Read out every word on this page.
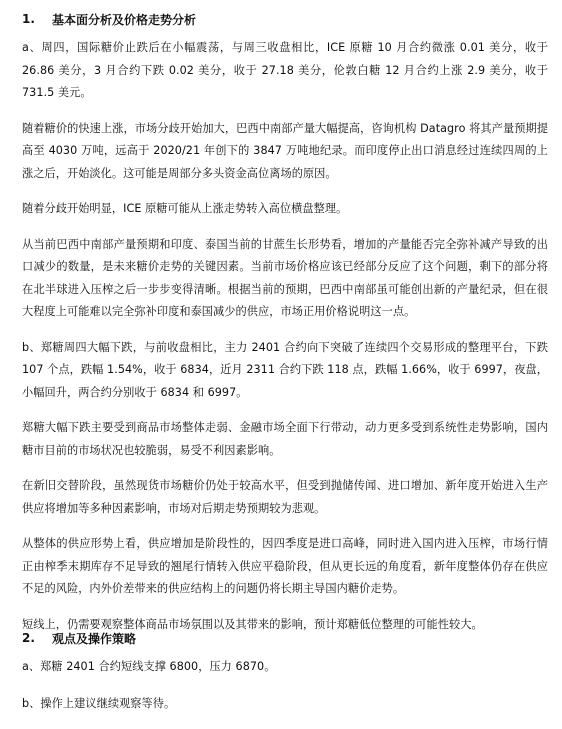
1.	基本面分析及价格走势分析

a、周四，国际糖价止跌后在小幅震荡，与周三收盘相比，ICE 原糖 10 月合约微涨 0.01 美分，收于 26.86 美分，3 月合约下跌 0.02 美分，收于 27.18 美分，伦敦白糖 12 月合约上涨 2.9 美分，收于 731.5 美元。

随着糖价的快速上涨，市场分歧开始加大，巴西中南部产量大幅提高，咨询机构 Datagro 将其产量预期提高至 4030 万吨，远高于 2020/21 年创下的 3847 万吨地纪录。而印度停止出口消息经过连续四周的上涨之后，开始淡化。这可能是周部分多头资金高位离场的原因。

随着分歧开始明显，ICE 原糖可能从上涨走势转入高位横盘整理。

从当前巴西中南部产量预期和印度、泰国当前的甘蔗生长形势看，增加的产量能否完全弥补减产导致的出口减少的数量，是未来糖价走势的关键因素。当前市场价格应该已经部分反应了这个问题，剩下的部分将在北半球进入压榨之后一步步变得清晰。根据当前的预期，巴西中南部虽可能创出新的产量纪录，但在很大程度上可能难以完全弥补印度和泰国减少的供应，市场正用价格说明这一点。

b、郑糖周四大幅下跌，与前收盘相比，主力 2401 合约向下突破了连续四个交易形成的整理平台，下跌 107 个点，跌幅 1.54%，收于 6834，近月 2311 合约下跌 118 点，跌幅 1.66%，收于 6997，夜盘，小幅回升，两合约分别收于 6834 和 6997。

郑糖大幅下跌主要受到商品市场整体走弱、金融市场全面下行带动，动力更多受到系统性走势影响，国内糖市目前的市场状况也较脆弱，易受不利因素影响。

在新旧交替阶段，虽然现货市场糖价仍处于较高水平，但受到抛储传闻、进口增加、新年度开始进入生产供应将增加等多种因素影响，市场对后期走势预期较为悲观。

从整体的供应形势上看，供应增加是阶段性的，因四季度是进口高峰，同时进入国内进入压榨，市场行情正由榨季末期库存不足导致的翘尾行情转入供应平稳阶段，但从更长远的角度看，新年度整体仍存在供应不足的风险，内外价差带来的供应结构上的问题仍将长期主导国内糖价走势。

短线上，仍需要观察整体商品市场氛围以及其带来的影响，预计郑糖低位整理的可能性较大。

2.	观点及操作策略

a、郑糖 2401 合约短线支撑 6800，压力 6870。

b、操作上建议继续观察等待。
